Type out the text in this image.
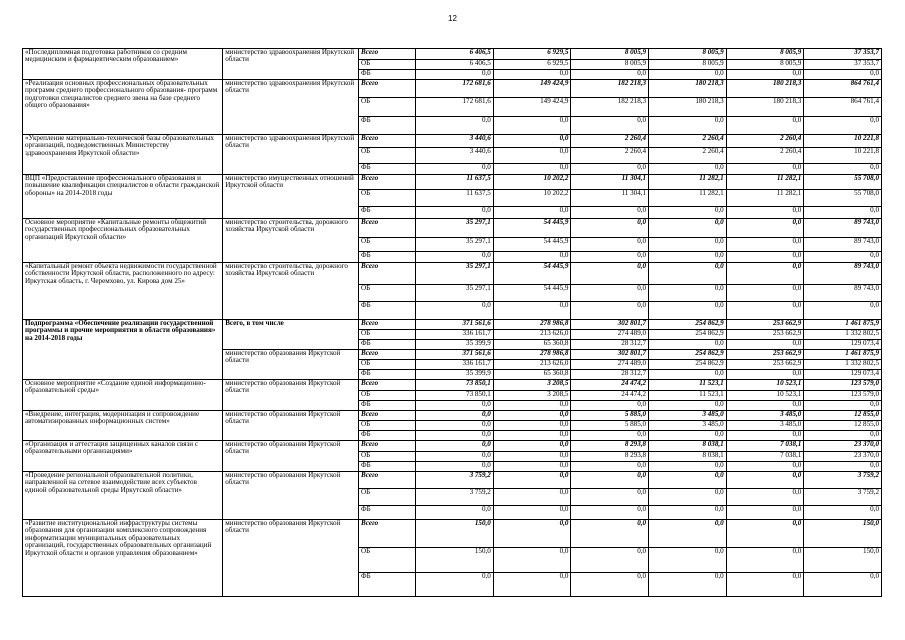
12
«Последипломная подготовка работников со средним медицинским и фармацевтическим образованием»	министерство здравоохранения Иркутской области	Всего	6 406,5	6 929,5	8 005,9	8 005,9	8 005,9	37 353,7
		ОБ	6 406,5	6 929,5	8 005,9	8 005,9	8 005,9	37 353,7
		ФБ	0,0	0,0	0,0	0,0	0,0	0,0
«Реализация основных профессиональных образовательных программ среднего профессионального образования- программ подготовки специалистов среднего звена на базе среднего общего образования»	министерство здравоохранения Иркутской области	Всего	172 681,6	149 424,9	182 218,3	180 218,3	180 218,3	864 761,4
		ОБ	172 681,6	149 424,9	182 218,3	180 218,3	180 218,3	864 761,4
		ФБ	0,0	0,0	0,0	0,0	0,0	0,0
«Укрепление материально-технической базы образовательных организаций, подведомственных Министерству здравоохранения Иркутской области»	министерство здравоохранения Иркутской области	Всего	3 440,6	0,0	2 260,4	2 260,4	2 260,4	10 221,8
		ОБ	3 440,6	0,0	2 260,4	2 260,4	2 260,4	10 221,8
		ФБ	0,0	0,0	0,0	0,0	0,0	0,0
ВЦП «Предоставление профессионального образования и повышение квалификации специалистов в области гражданской обороны» на 2014-2018 годы	министерство имущественных отношений Иркутской области	Всего	11 637,5	10 202,2	11 304,1	11 282,1	11 282,1	55 708,0
		ОБ	11 637,5	10 202,2	11 304,1	11 282,1	11 282,1	55 708,0
		ФБ	0,0	0,0	0,0	0,0	0,0	0,0
Основное мероприятие «Капитальные ремонты общежитий государственных профессиональных образовательных организаций Иркутской области»	министерство строительства, дорожного хозяйства Иркутской области	Всего	35 297,1	54 445,9	0,0	0,0	0,0	89 743,0
		ОБ	35 297,1	54 445,9	0,0	0,0	0,0	89 743,0
		ФБ	0,0	0,0	0,0	0,0	0,0	0,0
«Капитальный ремонт объекта недвижимости государственной собственности Иркутской области, расположенного по адресу: Иркутская область, г. Черемхово, ул. Кирова дом 25»	министерство строительства, дорожного хозяйства Иркутской области	Всего	35 297,1	54 445,9	0,0	0,0	0,0	89 743,0
		ОБ	35 297,1	54 445,9	0,0	0,0	0,0	89 743,0
		ФБ	0,0	0,0	0,0	0,0	0,0	0,0
Подпрограмма «Обеспечение реализации государственной программы и прочие мероприятия в области образования» на 2014-2018 годы	Всего, в том числе	Всего	371 561,6	278 986,8	302 801,7	254 862,9	253 662,9	1 461 875,9
		ОБ	336 161,7	213 626,0	274 489,0	254 862,9	253 662,9	1 332 802,5
		ФБ	35 399,9	65 360,8	28 312,7	0,0	0,0	129 073,4
	министерство образования Иркутской области	Всего	371 561,6	278 986,8	302 801,7	254 862,9	253 662,9	1 461 875,9
		ОБ	336 161,7	213 626,0	274 489,0	254 862,9	253 662,9	1 332 802,5
		ФБ	35 399,9	65 360,8	28 312,7	0,0	0,0	129 073,4
Основное мероприятие «Создание единой информационно-образовательной среды»	министерство образования Иркутской области	Всего	73 850,1	3 208,5	24 474,2	11 523,1	10 523,1	123 579,0
		ОБ	73 850,1	3 208,5	24 474,2	11 523,1	10 523,1	123 579,0
		ФБ	0,0	0,0	0,0	0,0	0,0	0,0
«Внедрение, интеграция, модернизация и сопровождение автоматизированных информационных систем»	министерство образования Иркутской области	Всего	0,0	0,0	5 885,0	3 485,0	3 485,0	12 855,0
		ОБ	0,0	0,0	5 885,0	3 485,0	3 485,0	12 855,0
		ФБ	0,0	0,0	0,0	0,0	0,0	0,0
«Организация и аттестация защищенных каналов связи с образовательными организациями»	министерство образования Иркутской области	Всего	0,0	0,0	8 293,8	8 038,1	7 038,1	23 370,0
		ОБ	0,0	0,0	8 293,8	8 038,1	7 038,1	23 370,0
		ФБ	0,0	0,0	0,0	0,0	0,0	0,0
«Проведение региональной образовательной политики, направленной на сетевое взаимодействие всех субъектов единой образовательной среды Иркутской области»	министерство образования Иркутской области	Всего	3 759,2	0,0	0,0	0,0	0,0	3 759,2
		ОБ	3 759,2	0,0	0,0	0,0	0,0	3 759,2
		ФБ	0,0	0,0	0,0	0,0	0,0	0,0
«Развитие институциональной инфраструктуры системы образования для организации комплексного сопровождения информатизации муниципальных образовательных организаций, государственных образовательных организаций Иркутской области и органов управления образованием»	министерство образования Иркутской области	Всего	150,0	0,0	0,0	0,0	0,0	150,0
		ОБ	150,0	0,0	0,0	0,0	0,0	150,0
		ФБ	0,0	0,0	0,0	0,0	0,0	0,0
